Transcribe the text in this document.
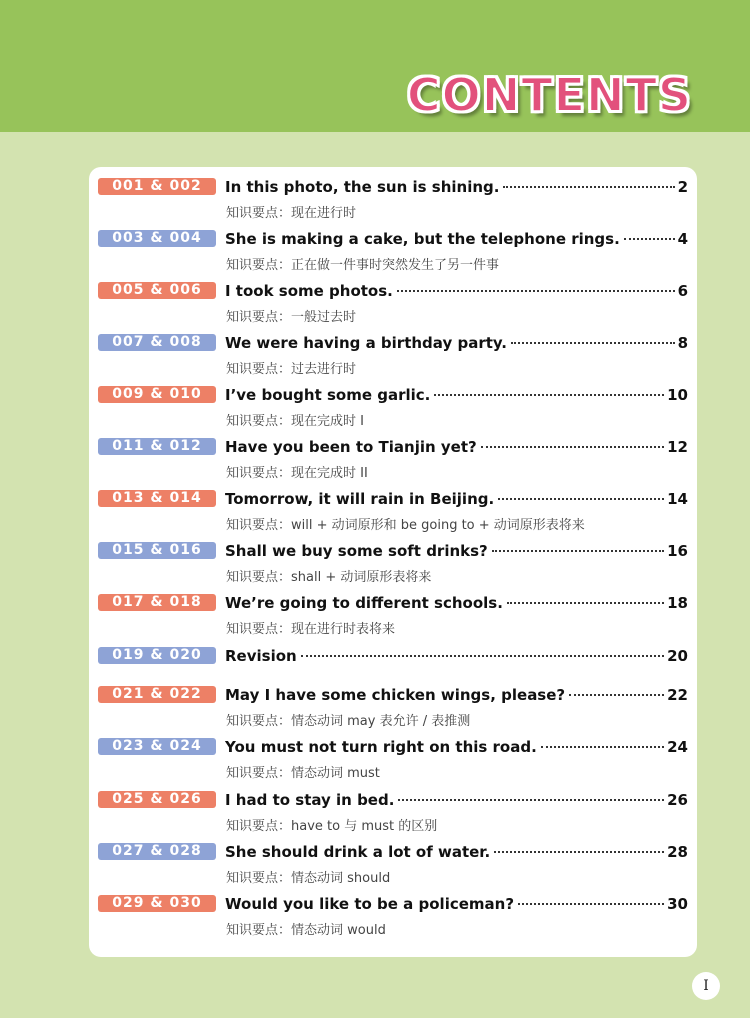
CONTENTS
001 & 002	In this photo, the sun is shining.	2
知识要点：现在进行时
003 & 004	She is making a cake, but the telephone rings.	4
知识要点：正在做一件事时突然发生了另一件事
005 & 006	I took some photos.	6
知识要点：一般过去时
007 & 008	We were having a birthday party.	8
知识要点：过去进行时
009 & 010	I’ve bought some garlic.	10
知识要点：现在完成时 I
011 & 012	Have you been to Tianjin yet?	12
知识要点：现在完成时 II
013 & 014	Tomorrow, it will rain in Beijing.	14
知识要点：will + 动词原形和 be going to + 动词原形表将来
015 & 016	Shall we buy some soft drinks?	16
知识要点：shall + 动词原形表将来
017 & 018	We’re going to different schools.	18
知识要点：现在进行时表将来
019 & 020	Revision	20
021 & 022	May I have some chicken wings, please?	22
知识要点：情态动词 may 表允许 / 表推测
023 & 024	You must not turn right on this road.	24
知识要点：情态动词 must
025 & 026	I had to stay in bed.	26
知识要点：have to 与 must 的区别
027 & 028	She should drink a lot of water.	28
知识要点：情态动词 should
029 & 030	Would you like to be a policeman?	30
知识要点：情态动词 would
I
